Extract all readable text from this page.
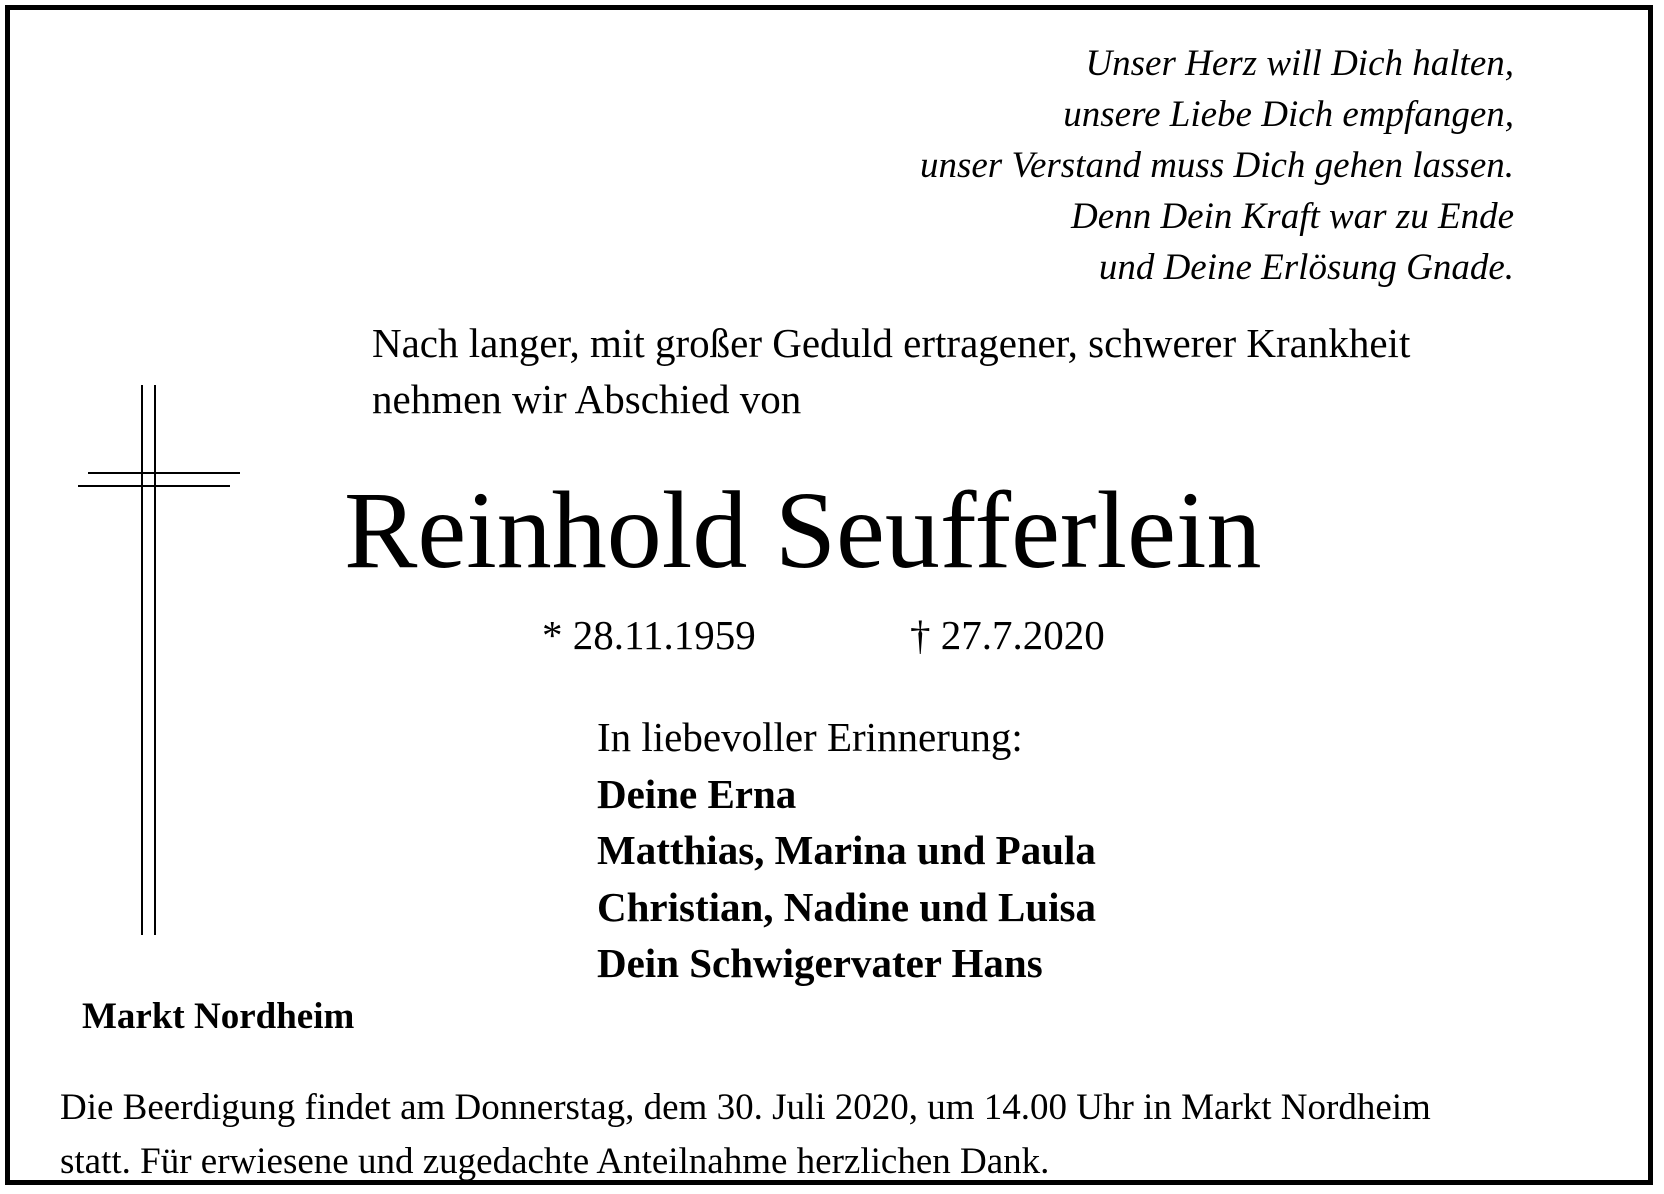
Unser Herz will Dich halten,
unsere Liebe Dich empfangen,
unser Verstand muss Dich gehen lassen.
Denn Dein Kraft war zu Ende
und Deine Erlösung Gnade.
Nach langer, mit großer Geduld ertragener, schwerer Krankheit
nehmen wir Abschied von
Reinhold Seufferlein
* 28.11.1959	† 27.7.2020
In liebevoller Erinnerung:
Deine Erna
Matthias, Marina und Paula
Christian, Nadine und Luisa
Dein Schwigervater Hans
Markt Nordheim
Die Beerdigung findet am Donnerstag, dem 30. Juli 2020, um 14.00 Uhr in Markt Nordheim
statt. Für erwiesene und zugedachte Anteilnahme herzlichen Dank.
